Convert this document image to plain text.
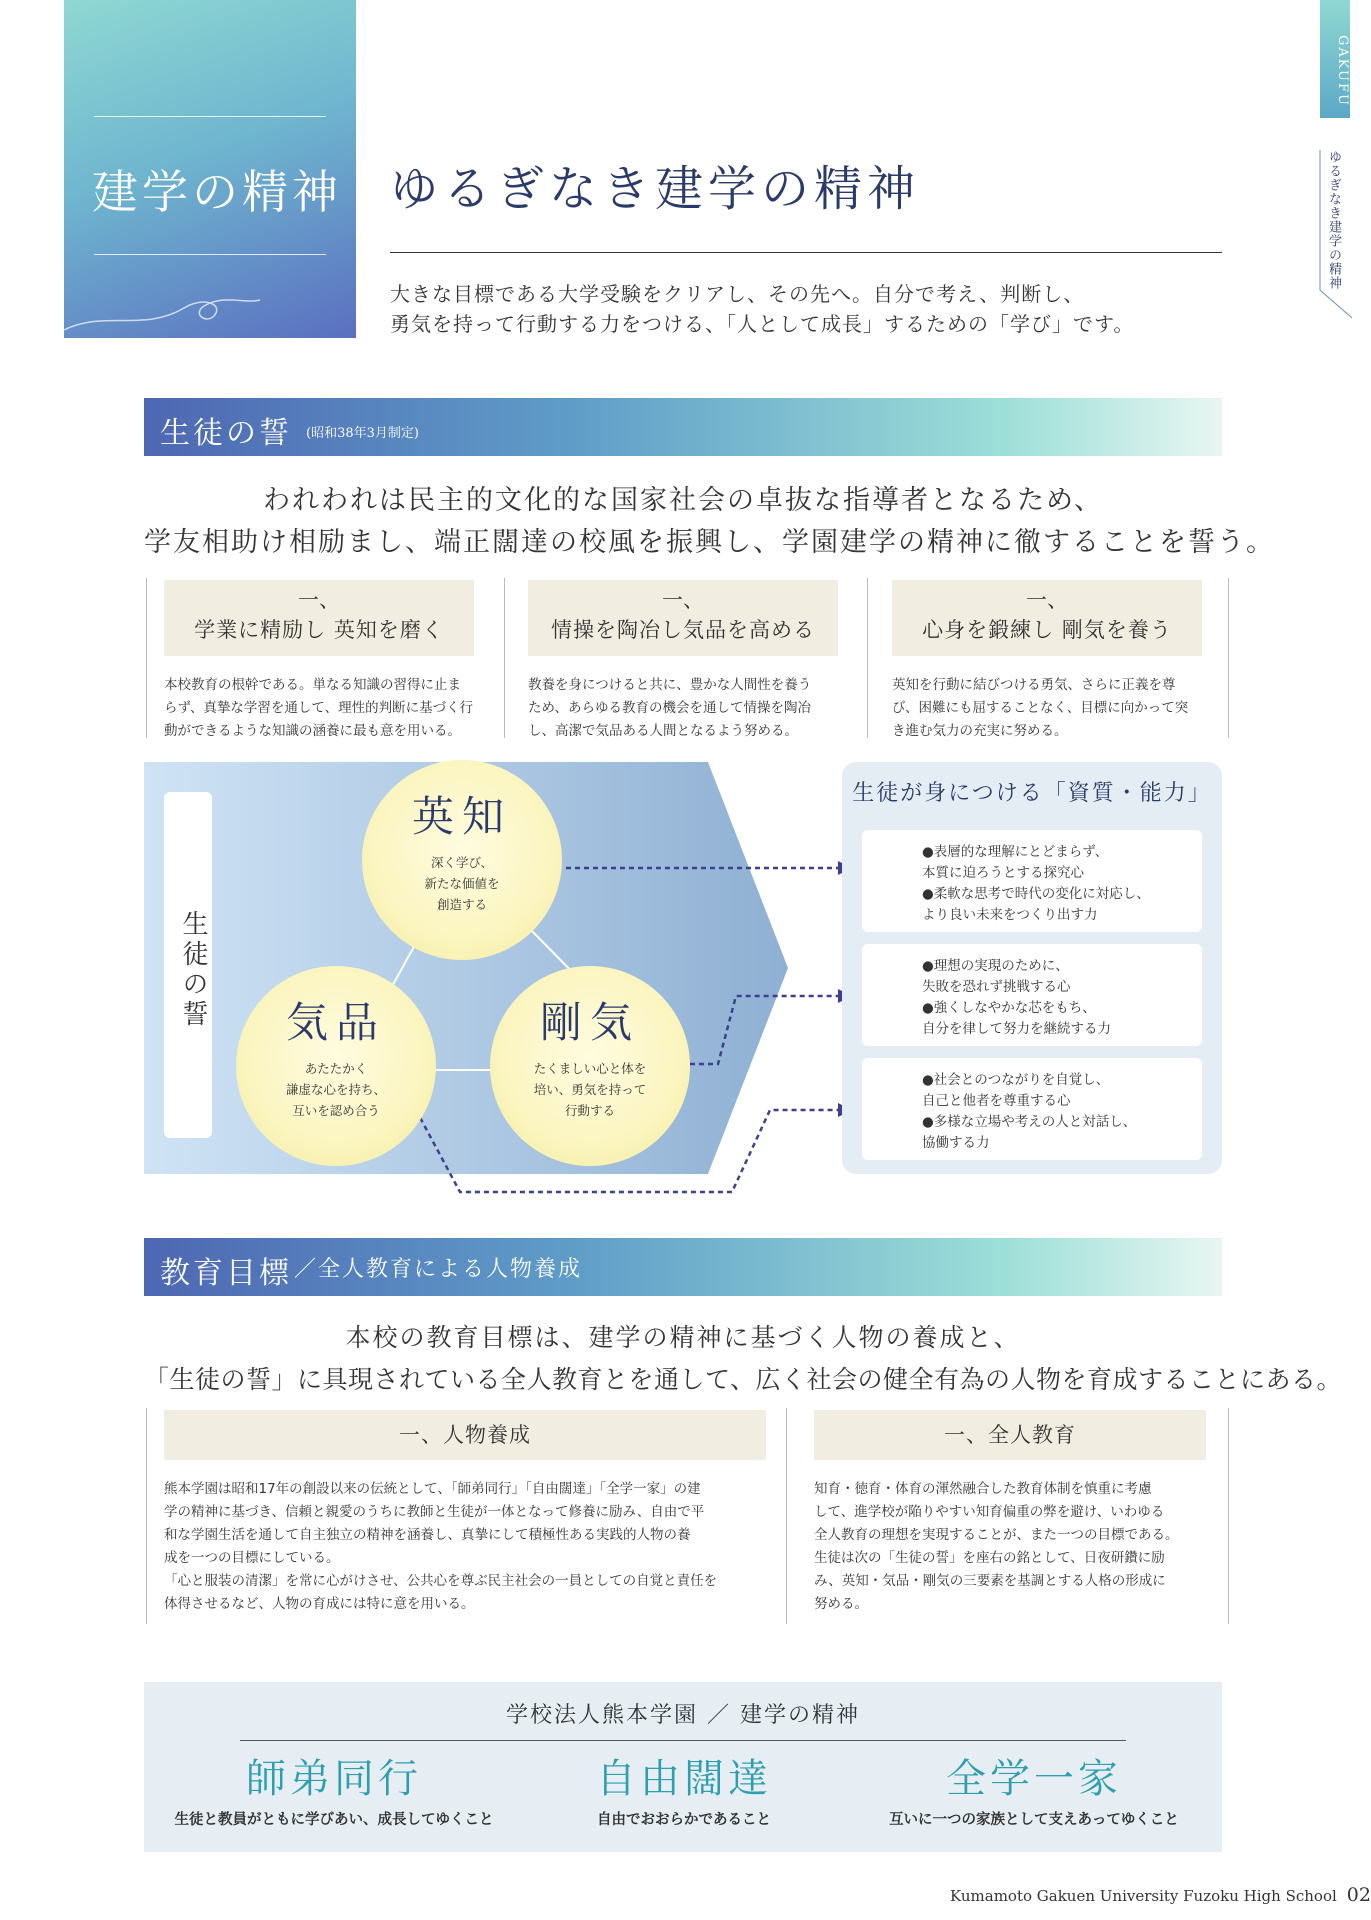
建学の精神 ゆるぎなき建学の精神
大きな目標である大学受験をクリアし、その先へ。自分で考え、判断し、
勇気を持って行動する力をつける、「人として成長」するための「学び」です。
GAKUFU
ゆるぎなき建学の精神
生徒の誓 (昭和38年3月制定)
われわれは民主的文化的な国家社会の卓抜な指導者となるため、
学友相助け相励まし、端正闊達の校風を振興し、学園建学の精神に徹することを誓う。
一、
学業に精励し 英知を磨く
一、
情操を陶冶し気品を高める
一、
心身を鍛練し 剛気を養う
本校教育の根幹である。単なる知識の習得に止ま
らず、真摯な学習を通して、理性的判断に基づく行
動ができるような知識の涵養に最も意を用いる。
教養を身につけると共に、豊かな人間性を養う
ため、あらゆる教育の機会を通して情操を陶冶
し、高潔で気品ある人間となるよう努める。
英知を行動に結びつける勇気、さらに正義を尊
び、困難にも屈することなく、目標に向かって突
き進む気力の充実に努める。
生徒の誓
英知
深く学び、
新たな価値を
創造する
気品
あたたかく
謙虚な心を持ち、
互いを認め合う
剛気
たくましい心と体を
培い、勇気を持って
行動する
生徒が身につける「資質・能力」
●表層的な理解にとどまらず、
本質に迫ろうとする探究心
●柔軟な思考で時代の変化に対応し、
より良い未来をつくり出す力
●理想の実現のために、
失敗を恐れず挑戦する心
●強くしなやかな芯をもち、
自分を律して努力を継続する力
●社会とのつながりを自覚し、
自己と他者を尊重する心
●多様な立場や考えの人と対話し、
協働する力
教育目標 ／全人教育による人物養成
本校の教育目標は、建学の精神に基づく人物の養成と、
「生徒の誓」に具現されている全人教育とを通して、広く社会の健全有為の人物を育成することにある。
一、人物養成	一、全人教育
熊本学園は昭和17年の創設以来の伝統として、「師弟同行」「自由闊達」「全学一家」の建
学の精神に基づき、信頼と親愛のうちに教師と生徒が一体となって修養に励み、自由で平
和な学園生活を通して自主独立の精神を涵養し、真摯にして積極性ある実践的人物の養
成を一つの目標にしている。
「心と服装の清潔」を常に心がけさせ、公共心を尊ぶ民主社会の一員としての自覚と責任を
体得させるなど、人物の育成には特に意を用いる。
知育・徳育・体育の渾然融合した教育体制を慎重に考慮
して、進学校が陥りやすい知育偏重の弊を避け、いわゆる
全人教育の理想を実現することが、また一つの目標である。
生徒は次の「生徒の誓」を座右の銘として、日夜研鑽に励
み、英知・気品・剛気の三要素を基調とする人格の形成に
努める。
学校法人熊本学園 ／ 建学の精神
師弟同行
生徒と教員がともに学びあい、成長してゆくこと
自由闊達
自由でおおらかであること
全学一家
互いに一つの家族として支えあってゆくこと
Kumamoto Gakuen University Fuzoku High School 02
